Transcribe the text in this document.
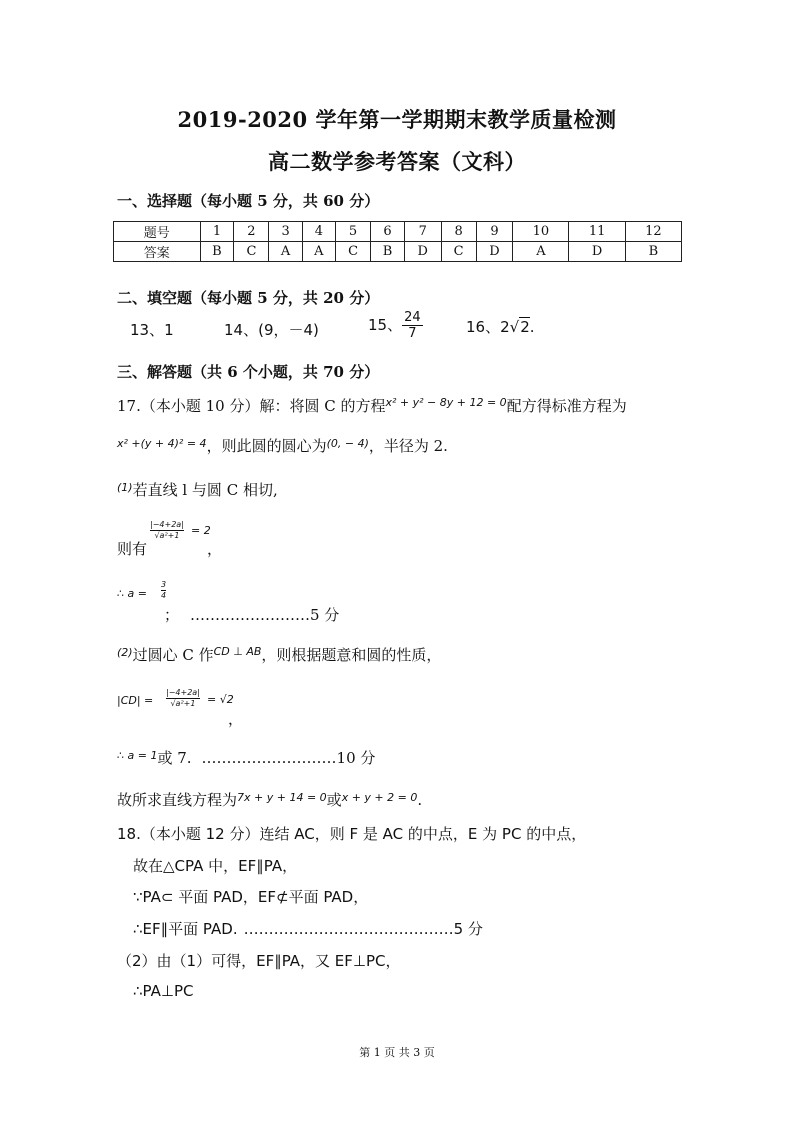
2019-2020 学年第一学期期末教学质量检测
高二数学参考答案（文科）
一、选择题（每小题 5 分，共 60 分）
题号	1	2	3	4	5	6	7	8	9	10	11	12
答案	B	C	A	A	C	B	D	C	D	A	D	B
二、填空题（每小题 5 分，共 20 分）
13、1	14、(9，－4)	15、 $\frac{24}{7}$	16、2√2.
三、解答题（共 6 个小题，共 70 分）
17.（本小题 10 分）解：将圆 C 的方程$^{x^2 + y^2 - 8y + 12 = 0}$配方得标准方程为
$^{x^2 +(y + 4)^2 = 4}$，则此圆的圆心为$^{(0, - 4)}$，半径为 2.
$^{(1)}$若直线 l 与圆 C 相切,
$\frac{|-4+2a|}{\text{√a²+1}} = 2$
则有	，
∴ $a = \frac{3}{4}$
； ……………………5 分
$^{(2)}$过圆心 C 作$^{CD \perp AB}$，则根据题意和圆的性质，
$|CD| = \frac{|-4+2a|}{\text{√a²+1}} = √2$
，
$^{\therefore a = 1}$或 7. ………………………10 分
故所求直线方程为$^{7x + y + 14 = 0}$或$^{x + y + 2 = 0}$.
18.（本小题 12 分）连结 AC，则 F 是 AC 的中点，E 为 PC 的中点，
故在△CPA 中，EF∥PA，
∵PA⊂ 平面 PAD，EF⊄平面 PAD，
∴EF∥平面 PAD. ……………………………………5 分
（2）由（1）可得，EF∥PA，又 EF⊥PC，
∴PA⊥PC
第 1 页 共 3 页
